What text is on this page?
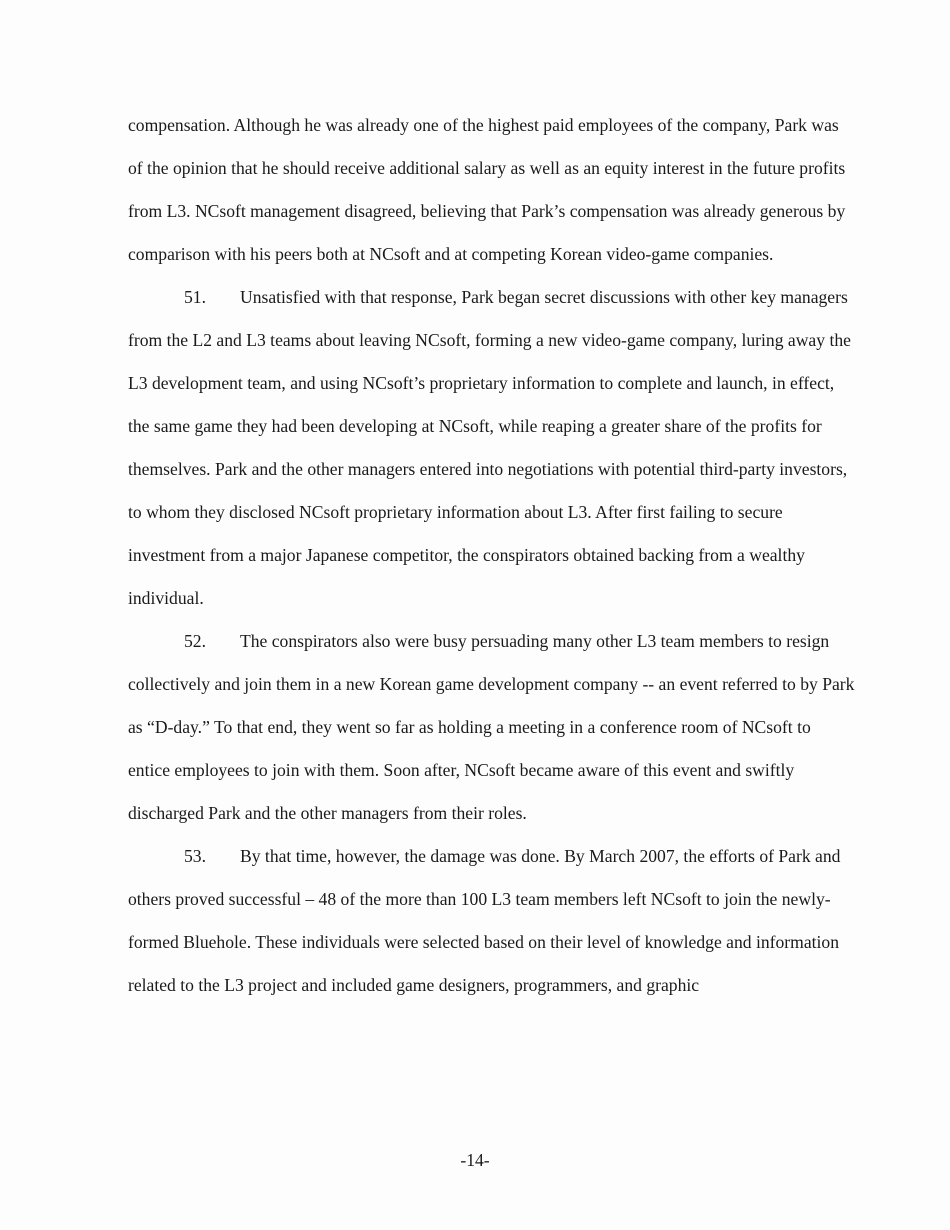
compensation. Although he was already one of the highest paid employees of the company, Park was of the opinion that he should receive additional salary as well as an equity interest in the future profits from L3. NCsoft management disagreed, believing that Park’s compensation was already generous by comparison with his peers both at NCsoft and at competing Korean video-game companies.

51. Unsatisfied with that response, Park began secret discussions with other key managers from the L2 and L3 teams about leaving NCsoft, forming a new video-game company, luring away the L3 development team, and using NCsoft’s proprietary information to complete and launch, in effect, the same game they had been developing at NCsoft, while reaping a greater share of the profits for themselves. Park and the other managers entered into negotiations with potential third-party investors, to whom they disclosed NCsoft proprietary information about L3. After first failing to secure investment from a major Japanese competitor, the conspirators obtained backing from a wealthy individual.

52. The conspirators also were busy persuading many other L3 team members to resign collectively and join them in a new Korean game development company -- an event referred to by Park as “D-day.” To that end, they went so far as holding a meeting in a conference room of NCsoft to entice employees to join with them. Soon after, NCsoft became aware of this event and swiftly discharged Park and the other managers from their roles.

53. By that time, however, the damage was done. By March 2007, the efforts of Park and others proved successful – 48 of the more than 100 L3 team members left NCsoft to join the newly-formed Bluehole. These individuals were selected based on their level of knowledge and information related to the L3 project and included game designers, programmers, and graphic

-14-
